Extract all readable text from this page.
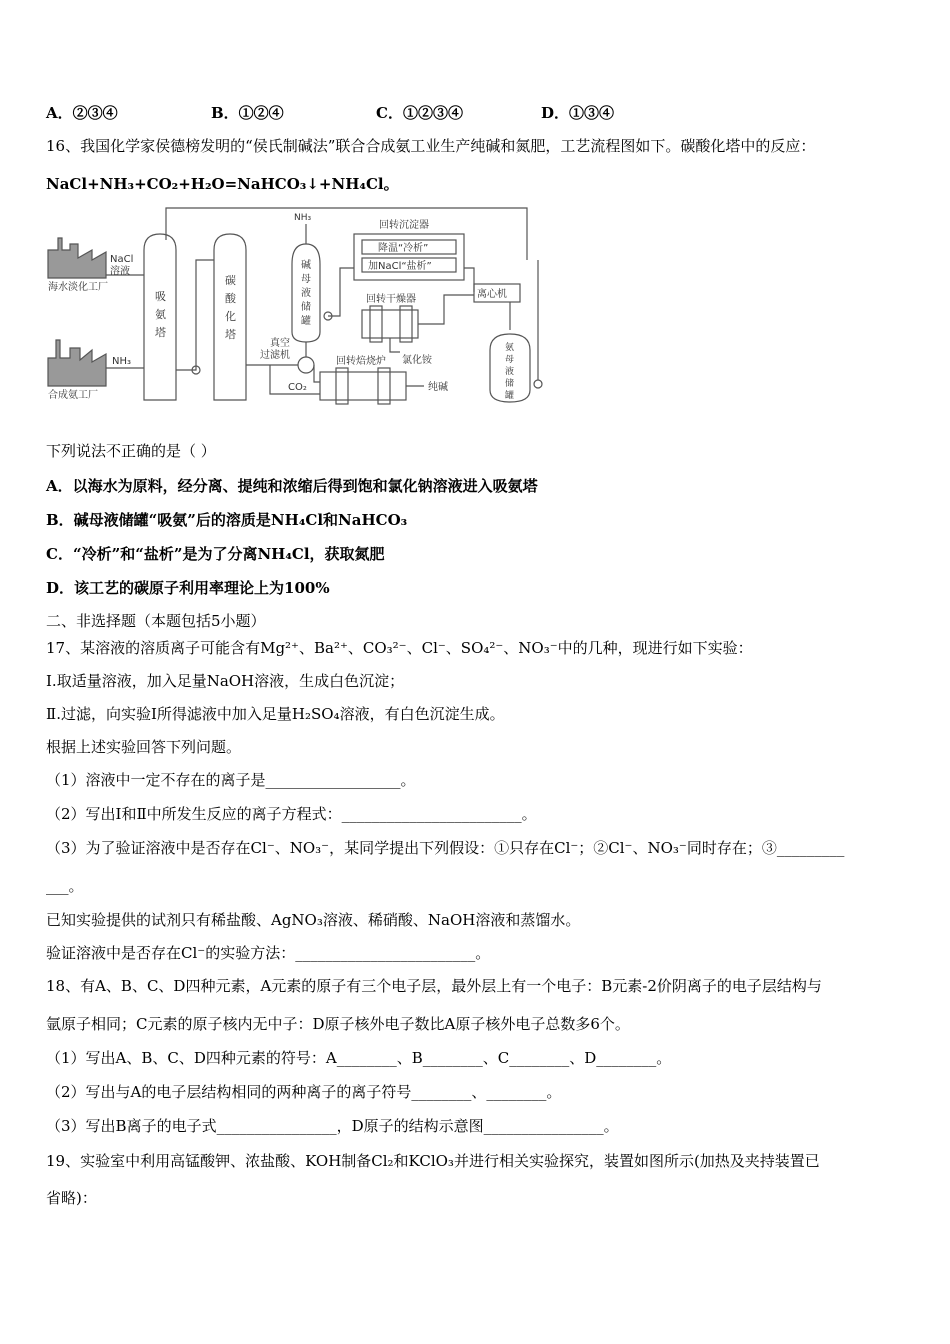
A．②③④	B．①②④	C．①②③④	D．①③④
16、我国化学家侯德榜发明的“侯氏制碱法”联合合成氨工业生产纯碱和氮肥，工艺流程图如下。碳酸化塔中的反应：
NaCl+NH₃+CO₂+H₂O=NaHCO₃↓+NH₄Cl。
海水淡化工厂
NaCl
溶液
合成氨工厂
NH₃
吸
氨
塔
碳
酸
化
塔
NH₃
碱
母
液
储
罐
真空
过滤机
CO₂
回转沉淀器
降温“冷析”
加NaCl“盐析”
离心机
回转干燥器
氯化铵
回转焙烧炉
纯碱
氨
母
液
储
罐
下列说法不正确的是（ ）
A．以海水为原料，经分离、提纯和浓缩后得到饱和氯化钠溶液进入吸氨塔
B．碱母液储罐“吸氨”后的溶质是NH₄Cl和NaHCO₃
C．“冷析”和“盐析”是为了分离NH₄Cl，获取氮肥
D．该工艺的碳原子利用率理论上为100%
二、非选择题（本题包括5小题）
17、某溶液的溶质离子可能含有Mg²⁺、Ba²⁺、CO₃²⁻、Cl⁻、SO₄²⁻、NO₃⁻中的几种，现进行如下实验：
Ⅰ.取适量溶液，加入足量NaOH溶液，生成白色沉淀；
Ⅱ.过滤，向实验Ⅰ所得滤液中加入足量H₂SO₄溶液，有白色沉淀生成。
根据上述实验回答下列问题。
（1）溶液中一定不存在的离子是__________________。
（2）写出Ⅰ和Ⅱ中所发生反应的离子方程式：________________________。
（3）为了验证溶液中是否存在Cl⁻、NO₃⁻，某同学提出下列假设：①只存在Cl⁻；②Cl⁻、NO₃⁻同时存在；③_________
___。
已知实验提供的试剂只有稀盐酸、AgNO₃溶液、稀硝酸、NaOH溶液和蒸馏水。
验证溶液中是否存在Cl⁻的实验方法：________________________。
18、有A、B、C、D四种元素，A元素的原子有三个电子层，最外层上有一个电子：B元素-2价阴离子的电子层结构与
氩原子相同；C元素的原子核内无中子：D原子核外电子数比A原子核外电子总数多6个。
（1）写出A、B、C、D四种元素的符号：A________、B________、C________、D________。
（2）写出与A的电子层结构相同的两种离子的离子符号________、________。
（3）写出B离子的电子式________________，D原子的结构示意图________________。
19、实验室中利用高锰酸钾、浓盐酸、KOH制备Cl₂和KClO₃并进行相关实验探究，装置如图所示(加热及夹持装置已
省略)：
